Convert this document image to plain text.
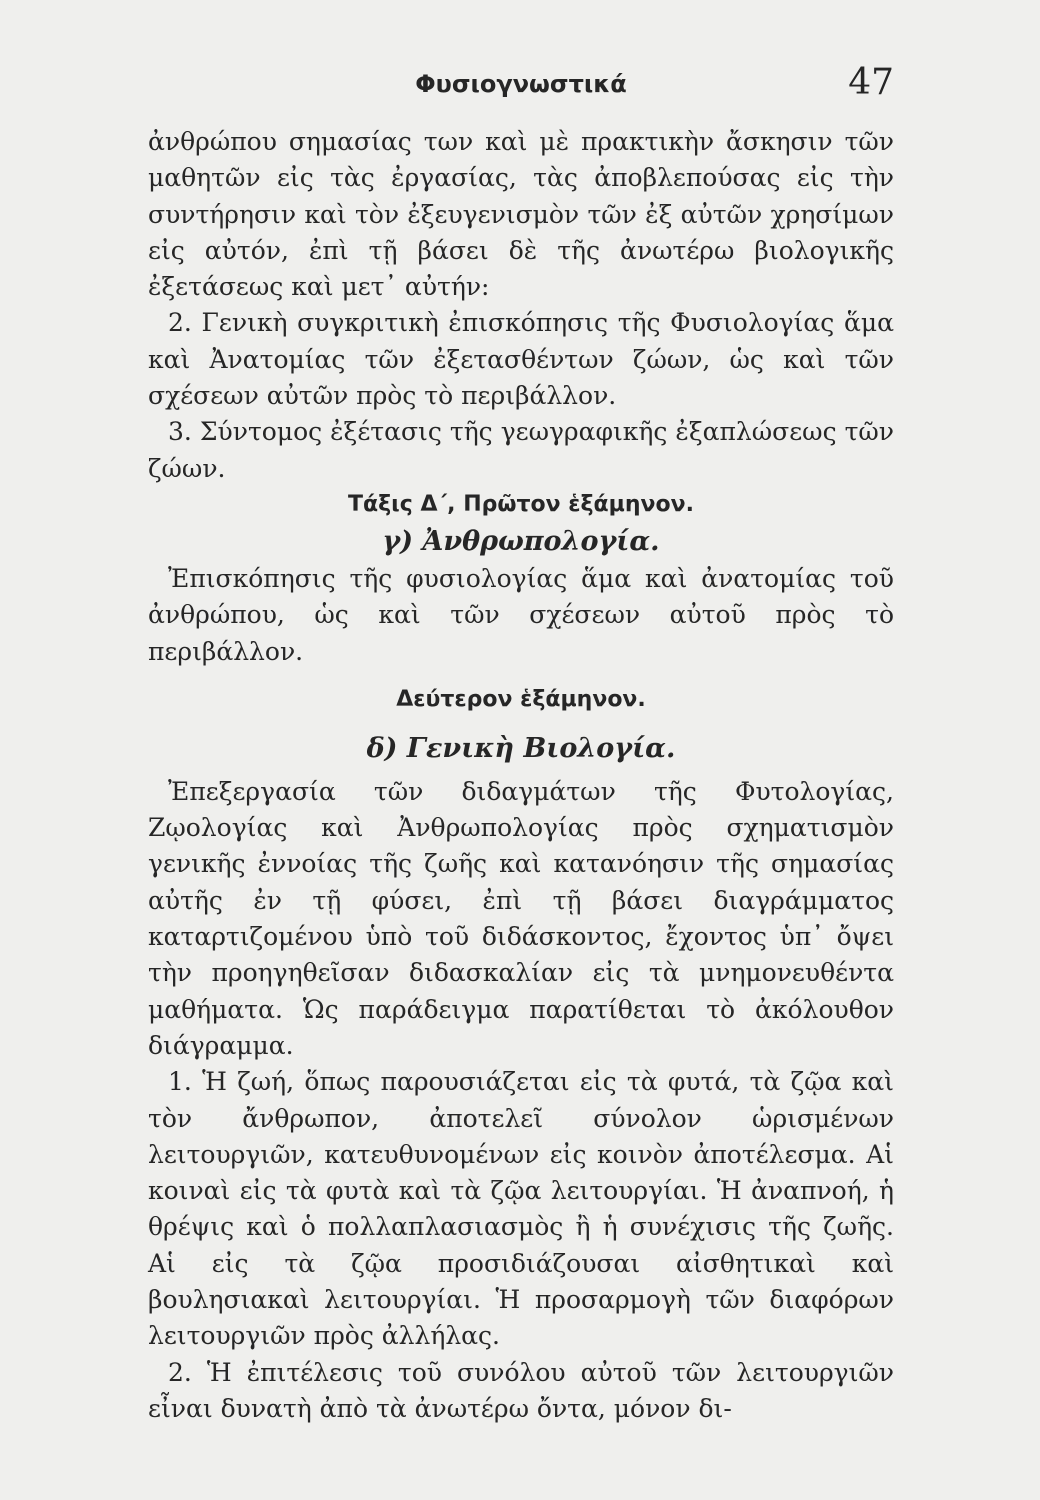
Φυσιογνωστικά	47

ἀνθρώπου σημασίας των καὶ μὲ πρακτικὴν ἄσκησιν τῶν μαθητῶν εἰς τὰς ἐργασίας, τὰς ἀποβλεπούσας εἰς τὴν συντήρησιν καὶ τὸν ἐξευγενισμὸν τῶν ἐξ αὐτῶν χρησίμων εἰς αὐτόν, ἐπὶ τῇ βάσει δὲ τῆς ἀνωτέρω βιολογικῆς ἐξετάσεως καὶ μετ᾽ αὐτήν:

2. Γενικὴ συγκριτικὴ ἐπισκόπησις τῆς Φυσιολογίας ἅμα καὶ Ἀνατομίας τῶν ἐξετασθέντων ζώων, ὡς καὶ τῶν σχέσεων αὐτῶν πρὸς τὸ περιβάλλον.

3. Σύντομος ἐξέτασις τῆς γεωγραφικῆς ἐξαπλώσεως τῶν ζώων.

Τάξις Δ΄, Πρῶτον ἑξάμηνον.

γ) Ἀνθρωπολογία.

Ἐπισκόπησις τῆς φυσιολογίας ἅμα καὶ ἀνατομίας τοῦ ἀνθρώπου, ὡς καὶ τῶν σχέσεων αὐτοῦ πρὸς τὸ περιβάλλον.

Δεύτερον ἑξάμηνον.

δ) Γενικὴ Βιολογία.

Ἐπεξεργασία τῶν διδαγμάτων τῆς Φυτολογίας, Ζῳολογίας καὶ Ἀνθρωπολογίας πρὸς σχηματισμὸν γενικῆς ἐννοίας τῆς ζωῆς καὶ κατανόησιν τῆς σημασίας αὐτῆς ἐν τῇ φύσει, ἐπὶ τῇ βάσει διαγράμματος καταρτιζομένου ὑπὸ τοῦ διδάσκοντος, ἔχοντος ὑπ᾽ ὄψει τὴν προηγηθεῖσαν διδασκαλίαν εἰς τὰ μνημονευθέντα μαθήματα. Ὡς παράδειγμα παρατίθεται τὸ ἀκόλουθον διάγραμμα.

1. Ἡ ζωή, ὅπως παρουσιάζεται εἰς τὰ φυτά, τὰ ζῷα καὶ τὸν ἄνθρωπον, ἀποτελεῖ σύνολον ὡρισμένων λειτουργιῶν, κατευθυνομένων εἰς κοινὸν ἀποτέλεσμα. Αἱ κοιναὶ εἰς τὰ φυτὰ καὶ τὰ ζῷα λειτουργίαι. Ἡ ἀναπνοή, ἡ θρέψις καὶ ὁ πολλαπλασιασμὸς ἢ ἡ συνέχισις τῆς ζωῆς. Αἱ εἰς τὰ ζῷα προσιδιάζουσαι αἰσθητικαὶ καὶ βουλησιακαὶ λειτουργίαι. Ἡ προσαρμογὴ τῶν διαφόρων λειτουργιῶν πρὸς ἀλλήλας.

2. Ἡ ἐπιτέλεσις τοῦ συνόλου αὐτοῦ τῶν λειτουργιῶν εἶναι δυνατὴ ἀπὸ τὰ ἀνωτέρω ὄντα, μόνον δι-
